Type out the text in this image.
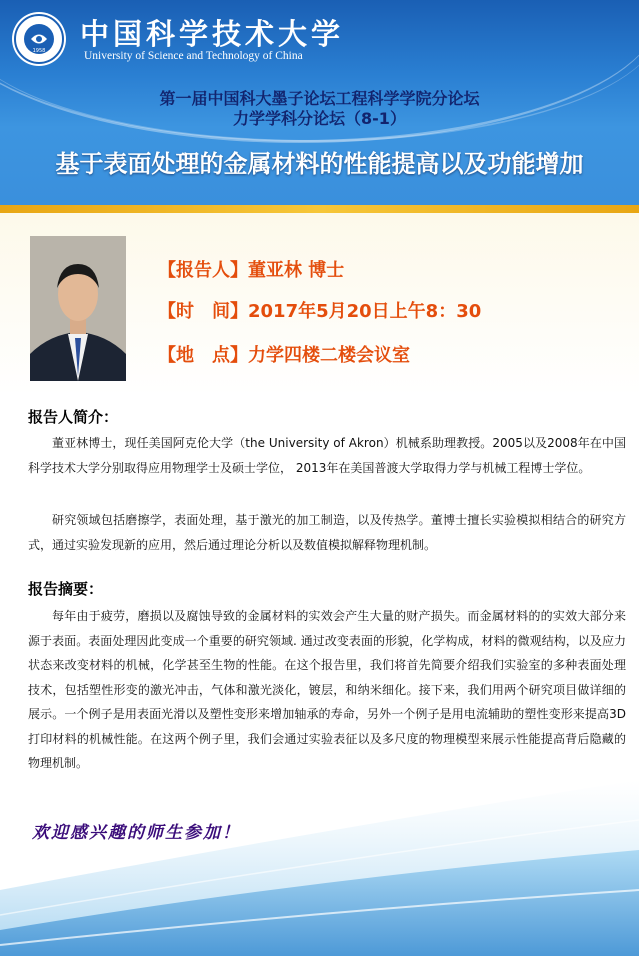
1958 中国科学技术大学
University of Science and Technology of China
第一届中国科大墨子论坛工程科学学院分论坛
力学学科分论坛（8-1）
基于表面处理的金属材料的性能提高以及功能增加
【报告人】董亚林 博士
【时　间】2017年5月20日上午8：30
【地　点】力学四楼二楼会议室
报告人简介：
董亚林博士，现任美国阿克伦大学（the University of Akron）机械系助理教授。2005以及2008年在中国科学技术大学分别取得应用物理学士及硕士学位， 2013年在美国普渡大学取得力学与机械工程博士学位。
研究领域包括磨擦学，表面处理，基于激光的加工制造，以及传热学。董博士擅长实验模拟相结合的研究方式，通过实验发现新的应用，然后通过理论分析以及数值模拟解释物理机制。
报告摘要：
每年由于疲劳，磨损以及腐蚀导致的金属材料的实效会产生大量的财产损失。而金属材料的的实效大部分来源于表面。表面处理因此变成一个重要的研究领域. 通过改变表面的形貌，化学构成，材料的微观结构，以及应力状态来改变材料的机械，化学甚至生物的性能。在这个报告里，我们将首先简要介绍我们实验室的多种表面处理技术，包括塑性形变的激光冲击，气体和激光淡化，镀层，和纳米细化。接下来，我们用两个研究项目做详细的展示。一个例子是用表面光滑以及塑性变形来增加轴承的寿命，另外一个例子是用电流辅助的塑性变形来提高3D打印材料的机械性能。在这两个例子里，我们会通过实验表征以及多尺度的物理模型来展示性能提高背后隐藏的物理机制。
欢迎感兴趣的师生参加！
